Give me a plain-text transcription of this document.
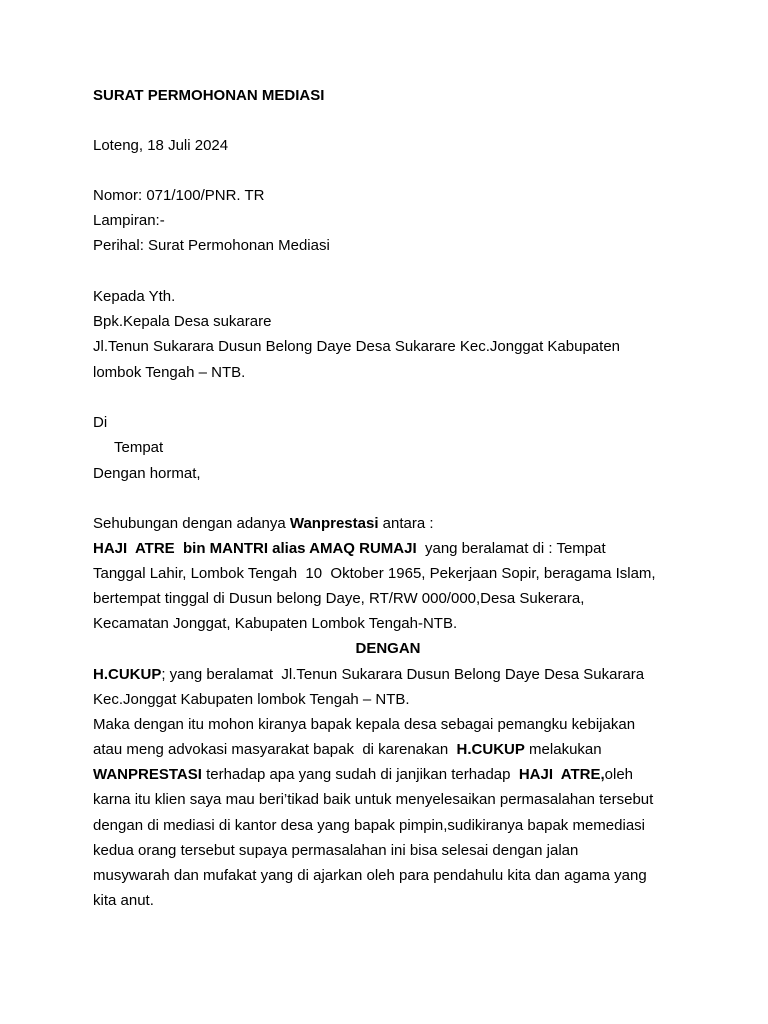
SURAT PERMOHONAN MEDIASI
Loteng, 18 Juli 2024
Nomor: 071/100/PNR. TR
Lampiran:-
Perihal: Surat Permohonan Mediasi
Kepada Yth.
Bpk.Kepala Desa sukarare
Jl.Tenun Sukarara Dusun Belong Daye Desa Sukarare Kec.Jonggat Kabupaten
lombok Tengah – NTB.
Di
Tempat
Dengan hormat,
Sehubungan dengan adanya Wanprestasi antara :
HAJI  ATRE  bin MANTRI alias AMAQ RUMAJI  yang beralamat di : Tempat
Tanggal Lahir, Lombok Tengah  10  Oktober 1965, Pekerjaan Sopir, beragama Islam,
bertempat tinggal di Dusun belong Daye, RT/RW 000/000,Desa Sukerara,
Kecamatan Jonggat, Kabupaten Lombok Tengah-NTB.
DENGAN
H.CUKUP; yang beralamat  Jl.Tenun Sukarara Dusun Belong Daye Desa Sukarara
Kec.Jonggat Kabupaten lombok Tengah – NTB.
Maka dengan itu mohon kiranya bapak kepala desa sebagai pemangku kebijakan
atau meng advokasi masyarakat bapak  di karenakan  H.CUKUP melakukan
WANPRESTASI terhadap apa yang sudah di janjikan terhadap  HAJI  ATRE,oleh
karna itu klien saya mau beri’tikad baik untuk menyelesaikan permasalahan tersebut
dengan di mediasi di kantor desa yang bapak pimpin,sudikiranya bapak memediasi
kedua orang tersebut supaya permasalahan ini bisa selesai dengan jalan
musywarah dan mufakat yang di ajarkan oleh para pendahulu kita dan agama yang
kita anut.
